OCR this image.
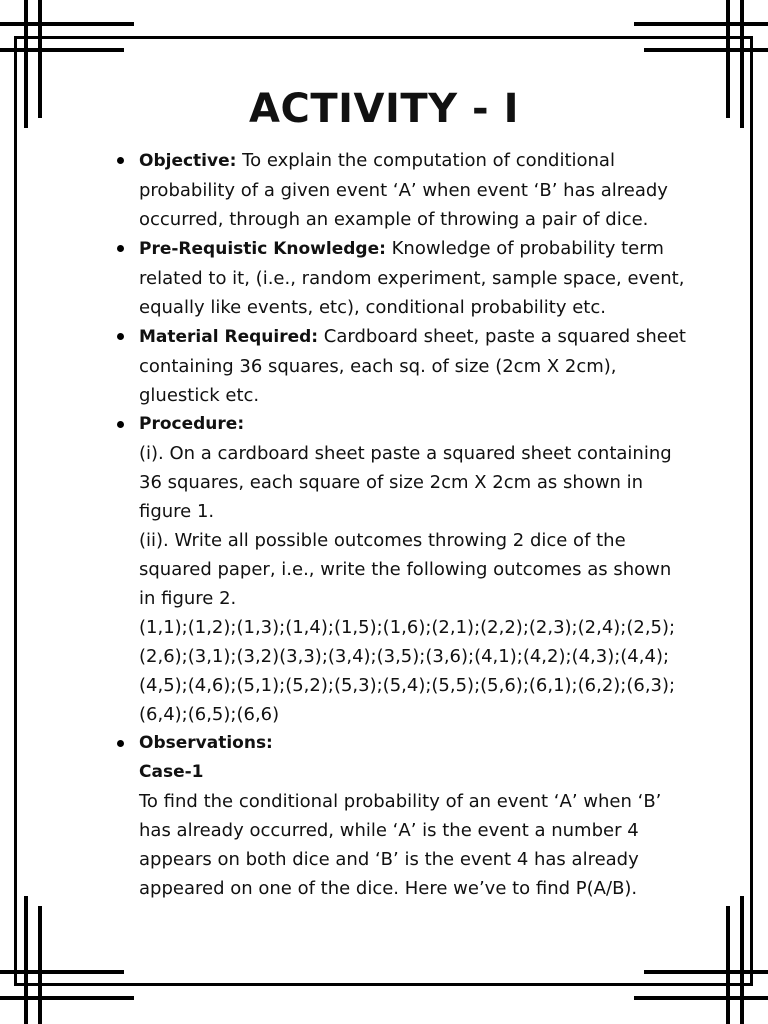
ACTIVITY - I
Objective: To explain the computation of conditional
probability of a given event ‘A’ when event ‘B’ has already
occurred, through an example of throwing a pair of dice.
Pre-Requistic Knowledge: Knowledge of probability term
related to it, (i.e., random experiment, sample space, event,
equally like events, etc), conditional probability etc.
Material Required: Cardboard sheet, paste a squared sheet
containing 36 squares, each sq. of size (2cm X 2cm),
gluestick etc.
Procedure:
(i). On a cardboard sheet paste a squared sheet containing
36 squares, each square of size 2cm X 2cm as shown in
figure 1.
(ii). Write all possible outcomes throwing 2 dice of the
squared paper, i.e., write the following outcomes as shown
in figure 2.
(1,1);(1,2);(1,3);(1,4);(1,5);(1,6);(2,1);(2,2);(2,3);(2,4);(2,5);
(2,6);(3,1);(3,2)(3,3);(3,4);(3,5);(3,6);(4,1);(4,2);(4,3);(4,4);
(4,5);(4,6);(5,1);(5,2);(5,3);(5,4);(5,5);(5,6);(6,1);(6,2);(6,3);
(6,4);(6,5);(6,6)
Observations:
Case-1
To find the conditional probability of an event ‘A’ when ‘B’
has already occurred, while ‘A’ is the event a number 4
appears on both dice and ‘B’ is the event 4 has already
appeared on one of the dice. Here we’ve to find P(A/B).
